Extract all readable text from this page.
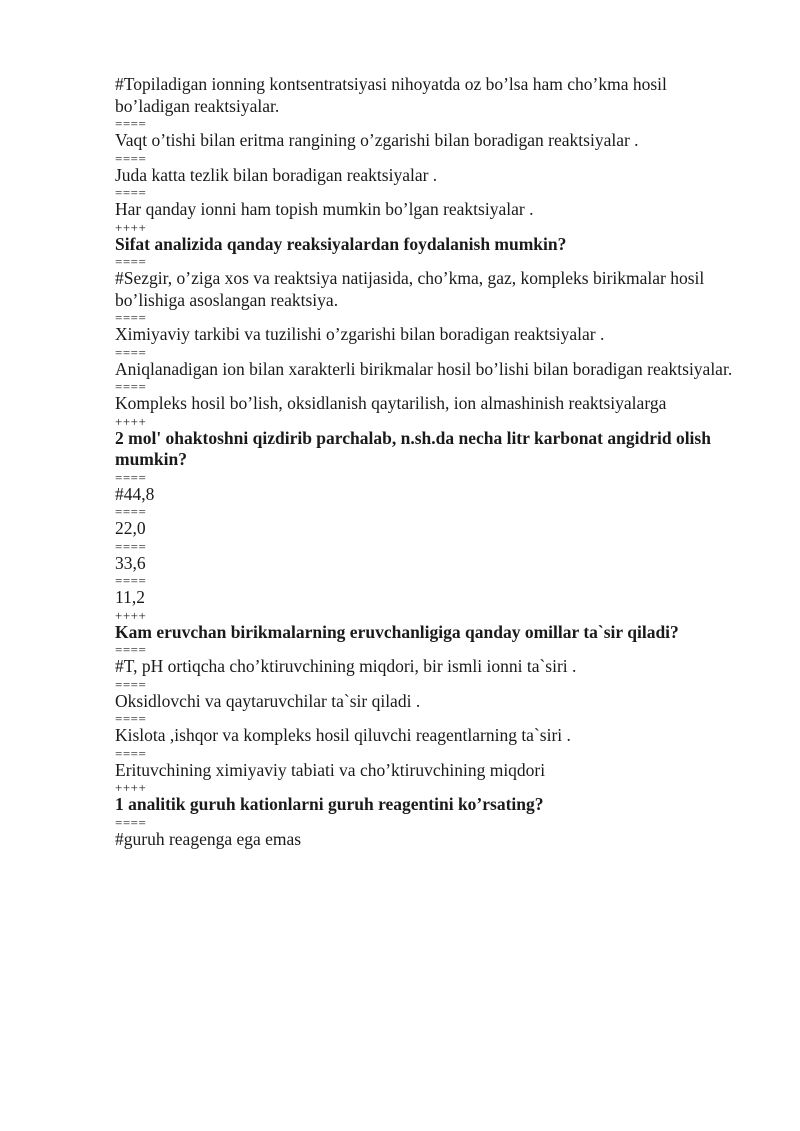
#Topiladigan ionning kontsentratsiyasi nihoyatda oz bo’lsa ham cho’kma hosil bo’ladigan reaktsiyalar.

====

Vaqt o’tishi bilan eritma rangining o’zgarishi bilan boradigan reaktsiyalar .

====

Juda katta tezlik bilan boradigan reaktsiyalar .

====

Har qanday ionni ham topish mumkin bo’lgan reaktsiyalar .

++++

Sifat analizida qanday reaksiyalardan foydalanish mumkin?

====

#Sezgir, o’ziga xos va reaktsiya natijasida, cho’kma, gaz, kompleks birikmalar hosil bo’lishiga asoslangan reaktsiya.

====

Ximiyaviy tarkibi va tuzilishi o’zgarishi bilan boradigan reaktsiyalar .

====

Aniqlanadigan ion bilan xarakterli birikmalar hosil bo’lishi bilan boradigan reaktsiyalar.

====

Kompleks hosil bo’lish, oksidlanish qaytarilish, ion almashinish reaktsiyalarga

++++

2 mol' ohaktoshni qizdirib parchalab, n.sh.da necha litr karbonat angidrid olish mumkin?

====

#44,8

====

22,0

====

33,6

====

11,2

++++

Kam eruvchan birikmalarning eruvchanligiga qanday omillar ta`sir qiladi?

====

#T, pH ortiqcha cho’ktiruvchining miqdori, bir ismli ionni ta`siri .

====

Oksidlovchi va qaytaruvchilar ta`sir qiladi .

====

Kislota ,ishqor va kompleks hosil qiluvchi reagentlarning ta`siri .

====

Erituvchining ximiyaviy tabiati va cho’ktiruvchining miqdori

++++

1 analitik guruh kationlarni guruh reagentini ko’rsating?

====

#guruh reagenga ega emas
